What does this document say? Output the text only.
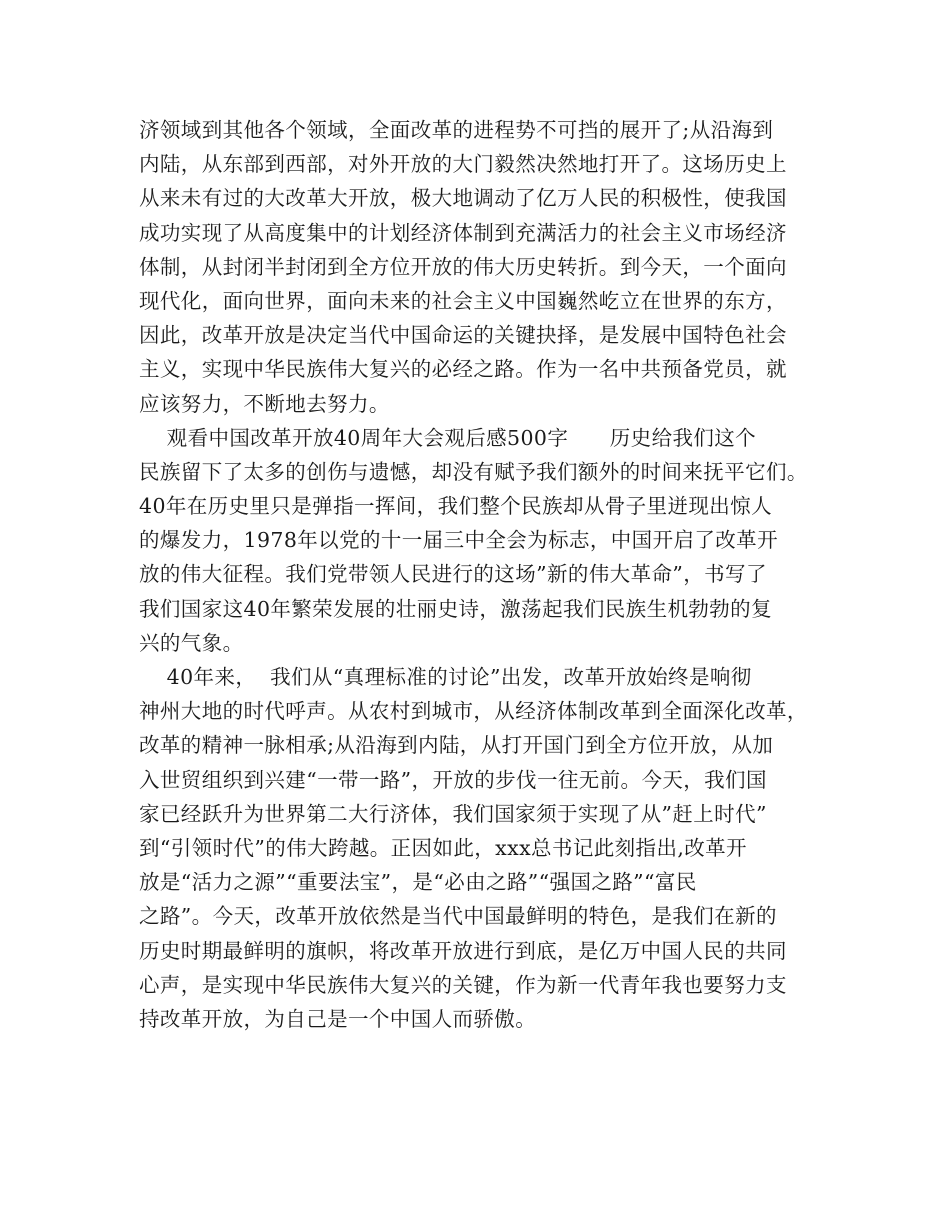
济领域到其他各个领域，全面改革的进程势不可挡的展开了;从沿海到
内陆，从东部到西部，对外开放的大门毅然决然地打开了。这场历史上
从来未有过的大改革大开放，极大地调动了亿万人民的积极性，使我国
成功实现了从高度集中的计划经济体制到充满活力的社会主义市场经济
体制，从封闭半封闭到全方位开放的伟大历史转折。到今天，一个面向
现代化，面向世界，面向未来的社会主义中国巍然屹立在世界的东方，
因此，改革开放是决定当代中国命运的关键抉择，是发展中国特色社会
主义，实现中华民族伟大复兴的必经之路。作为一名中共预备党员，就
应该努力，不断地去努力。
观看中国改革开放40周年大会观后感500字      历史给我们这个
民族留下了太多的创伤与遗憾，却没有赋予我们额外的时间来抚平它们。
40年在历史里只是弹指一挥间，我们整个民族却从骨子里迸现出惊人
的爆发力，1978年以党的十一届三中全会为标志，中国开启了改革开
放的伟大征程。我们党带领人民进行的这场”新的伟大革命”，书写了
我们国家这40年繁荣发展的壮丽史诗，激荡起我们民族生机勃勃的复
兴的气象。
40年来，  我们从“真理标准的讨论”出发，改革开放始终是响彻
神州大地的时代呼声。从农村到城市，从经济体制改革到全面深化改革，
改革的精神一脉相承;从沿海到内陆，从打开国门到全方位开放，从加
入世贸组织到兴建“一带一路”，开放的步伐一往无前。今天，我们国
家已经跃升为世界第二大行济体，我们国家须于实现了从”赶上时代”
到“引领时代”的伟大跨越。正因如此，xxx总书记此刻指出,改革开
放是“活力之源”“重要法宝”，是“必由之路”“强国之路”“富民
之路”。今天，改革开放依然是当代中国最鲜明的特色，是我们在新的
历史时期最鲜明的旗帜，将改革开放进行到底，是亿万中国人民的共同
心声，是实现中华民族伟大复兴的关键，作为新一代青年我也要努力支
持改革开放，为自己是一个中国人而骄傲。
